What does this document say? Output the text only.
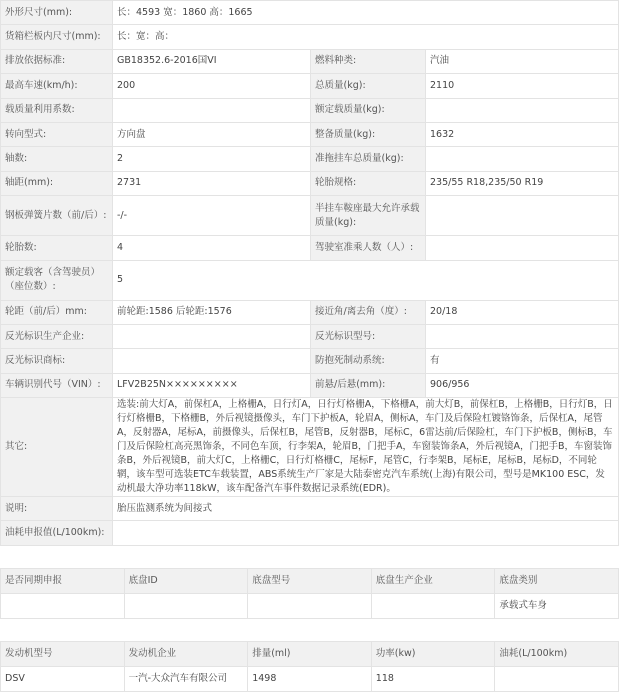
外形尺寸(mm):	长：4593 宽：1860 高：1665		
货箱栏板内尺寸(mm):	长：宽：高：		
排放依据标准:	GB18352.6-2016国VI	燃料种类:	汽油
最高车速(km/h):	200	总质量(kg):	2110
载质量利用系数:		额定载质量(kg):	
转向型式:	方向盘	整备质量(kg):	1632
轴数:	2	准拖挂车总质量(kg):	
轴距(mm):	2731	轮胎规格:	235/55 R18,235/50 R19
钢板弹簧片数（前/后）:	-/-	半挂车鞍座最大允许承载质量(kg):	
轮胎数:	4	驾驶室准乘人数（人）:	
额定载客（含驾驶员）（座位数）:	5		
轮距（前/后）mm:	前轮距:1586 后轮距:1576	接近角/离去角（度）:	20/18
反光标识生产企业:		反光标识型号:	
反光标识商标:		防抱死制动系统:	有
车辆识别代号（VIN）:	LFV2B25N×××××××××	前悬/后悬(mm):	906/956
其它:	选装:前大灯A，前保杠A，上格栅A，日行灯A，日行灯格栅A，下格栅A，前大灯B，前保杠B，上格栅B，日行灯B，日行灯格栅B，下格栅B，外后视镜摄像头，车门下护板A，轮眉A，侧标A，车门及后保险杠镀铬饰条，后保杠A，尾管A，反射器A，尾标A，前摄像头，后保杠B，尾管B，反射器B，尾标C，6雷达前/后保险杠，车门下护板B，侧标B，车门及后保险杠高亮黑饰条，不同色车顶，行李架A，轮眉B，门把手A，车窗装饰条A，外后视镜A，门把手B，车窗装饰条B，外后视镜B，前大灯C，上格栅C，日行灯格栅C，尾标F，尾管C，行李架B，尾标E，尾标B，尾标D，不同轮辋，该车型可选装ETC车载装置，ABS系统生产厂家是大陆泰密克汽车系统(上海)有限公司，型号是MK100 ESC，发动机最大净功率118kW，该车配备汽车事件数据记录系统(EDR)。		
说明:	胎压监测系统为间接式		
油耗申报值(L/100km):			
是否同期申报	底盘ID	底盘型号	底盘生产企业	底盘类别
				承载式车身
发动机型号	发动机企业	排量(ml)	功率(kw)	油耗(L/100km)
DSV	一汽-大众汽车有限公司	1498	118	
